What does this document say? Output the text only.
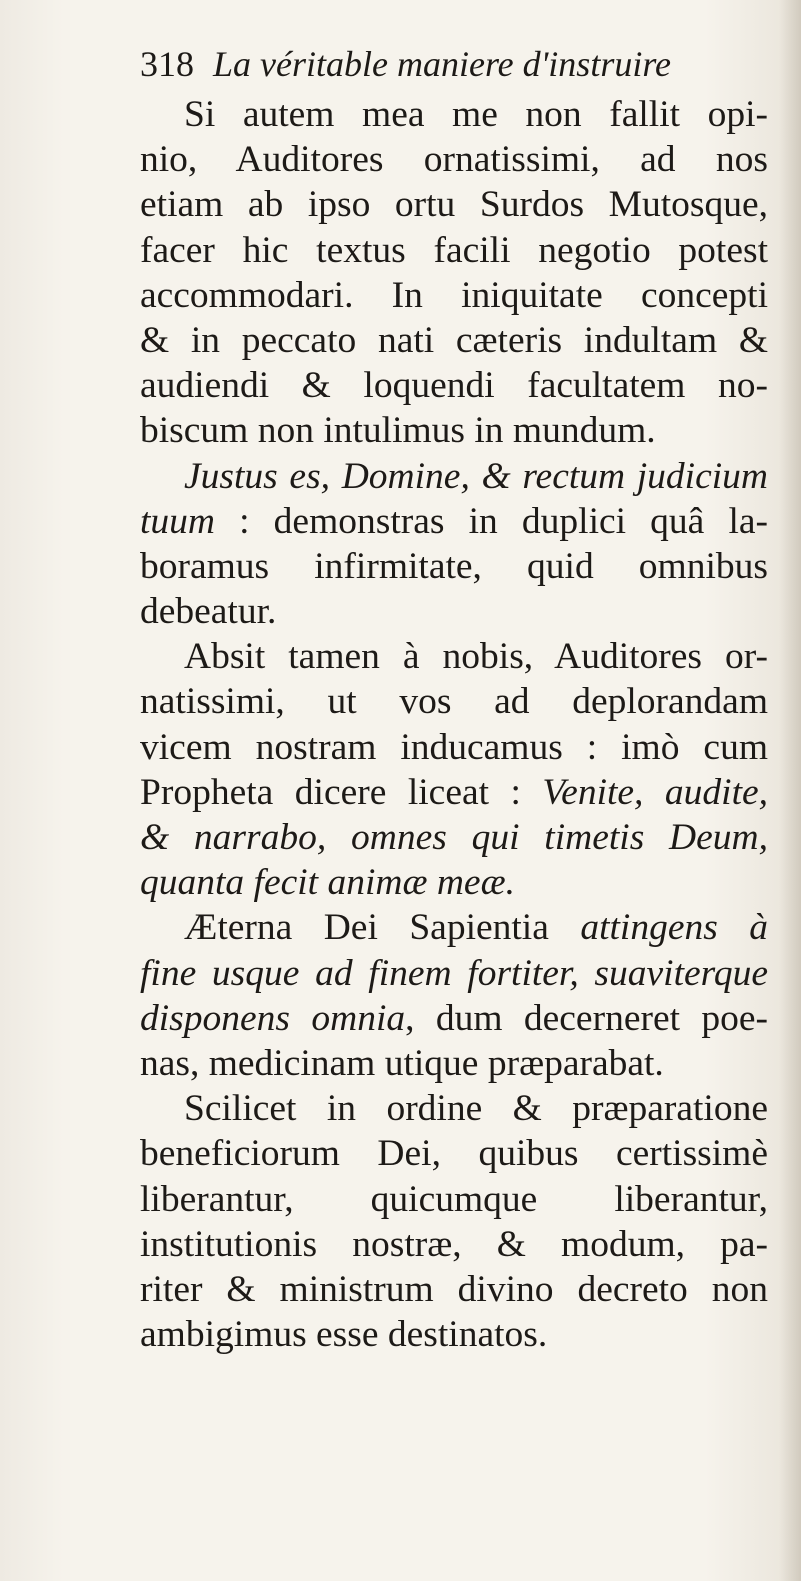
318 La véritable maniere d'instruire
Si autem mea me non fallit opi-
nio, Auditores ornatissimi, ad nos
etiam ab ipso ortu Surdos Mutosque,
facer hic textus facili negotio potest
accommodari. In iniquitate concepti
& in peccato nati cæteris indultam &
audiendi & loquendi facultatem no-
biscum non intulimus in mundum.
Justus es, Domine, & rectum judicium
tuum : demonstras in duplici quâ la-
boramus infirmitate, quid omnibus
debeatur.
Absit tamen à nobis, Auditores or-
natissimi, ut vos ad deplorandam
vicem nostram inducamus : imò cum
Propheta dicere liceat : Venite, audite,
& narrabo, omnes qui timetis Deum,
quanta fecit animæ meæ.
Æterna Dei Sapientia attingens à
fine usque ad finem fortiter, suaviterque
disponens omnia, dum decerneret poe-
nas, medicinam utique præparabat.
Scilicet in ordine & præparatione
beneficiorum Dei, quibus certissimè
liberantur, quicumque liberantur,
institutionis nostræ, & modum, pa-
riter & ministrum divino decreto non
ambigimus esse destinatos.
